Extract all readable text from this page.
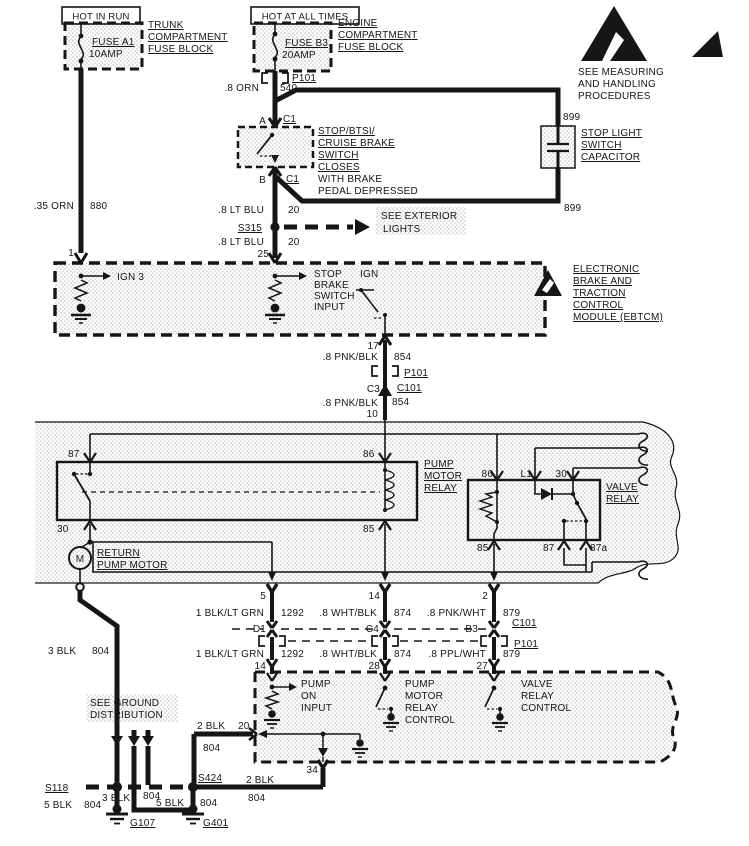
HOT IN RUN
FUSE A1
10AMP
TRUNK
COMPARTMENT
FUSE BLOCK
.35 ORN 880
1
HOT AT ALL TIMES
FUSE B3
20AMP
ENGINE
COMPARTMENT
FUSE BLOCK
P101
.8 ORN 540
SEE MEASURING
AND HANDLING
PROCEDURES
899
STOP LIGHT
SWITCH
CAPACITOR
899
A C1
STOP/BTSI/
CRUISE BRAKE
SWITCH
CLOSES
WITH BRAKE
PEDAL DEPRESSED
B C1
.8 LT BLU 20
S315
SEE EXTERIOR
LIGHTS
.8 LT BLU 20
25
IGN 3	STOP
BRAKE
SWITCH
INPUT
IGN	ELECTRONIC
BRAKE AND
TRACTION
CONTROL
MODULE (EBTCM)
17
.8 PNK/BLK 854
P101
C3 C101
.8 PNK/BLK 854
10
87	86
30	85
PUMP
MOTOR
RELAY
86	L1 30
VALVE
RELAY
85	87	87a
M
RETURN
PUMP MOTOR
5
1 BLK/LT GRN 1292
D1
1 BLK/LT GRN 1292
14
14
.8 WHT/BLK 874
C4
.8 WHT/BLK 874
28
2
.8 PNK/WHT 879
B3
C101
P101
.8 PPL/WHT 879
27
PUMP
ON
INPUT
PUMP
MOTOR
RELAY
CONTROL
VALVE
RELAY
CONTROL
20
34
3 BLK 804
SEE GROUND
DISTRIBUTION
2 BLK
804
2 BLK
804
S118
5 BLK 804
G107
3 BLK 804
5 BLK 804
S424
G401
